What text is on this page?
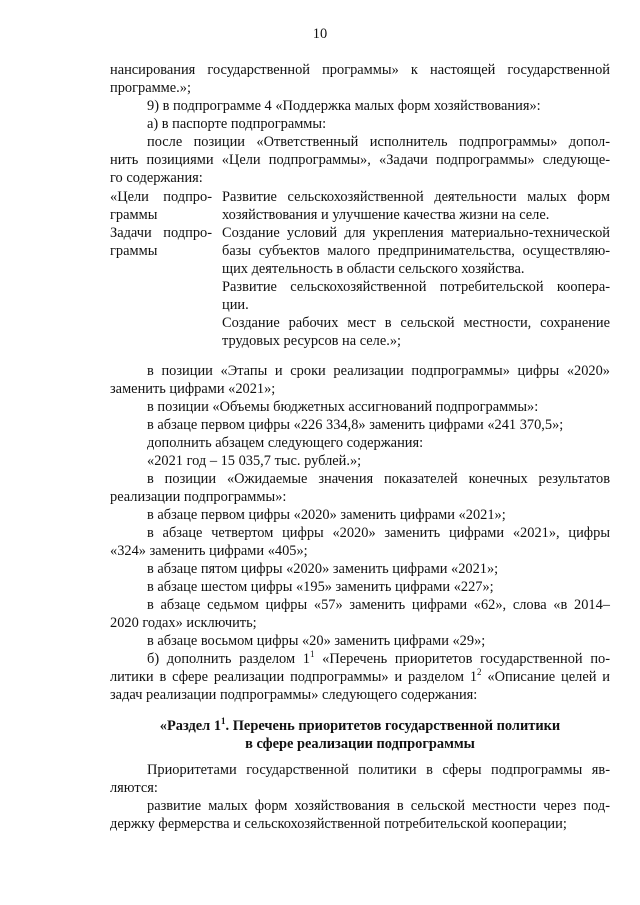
10
нансирования государственной программы» к настоящей государственной
программе.»;
9) в подпрограмме 4 «Поддержка малых форм хозяйствования»:
а) в паспорте подпрограммы:
после позиции «Ответственный исполнитель подпрограммы» допол-
нить позициями «Цели подпрограммы», «Задачи подпрограммы» следующе-
го содержания:
«Цели подпро-
граммы
Задачи подпро-
граммы
Развитие сельскохозяйственной деятельности малых форм
хозяйствования и улучшение качества жизни на селе.
Создание условий для укрепления материально-технической
базы субъектов малого предпринимательства, осуществляю-
щих деятельность в области сельского хозяйства.
Развитие сельскохозяйственной потребительской коопера-
ции.
Создание рабочих мест в сельской местности, сохранение
трудовых ресурсов на селе.»;
в позиции «Этапы и сроки реализации подпрограммы» цифры «2020»
заменить цифрами «2021»;
в позиции «Объемы бюджетных ассигнований подпрограммы»:
в абзаце первом цифры «226 334,8» заменить цифрами «241 370,5»;
дополнить абзацем следующего содержания:
«2021 год – 15 035,7 тыс. рублей.»;
в позиции «Ожидаемые значения показателей конечных результатов
реализации подпрограммы»:
в абзаце первом цифры «2020» заменить цифрами «2021»;
в абзаце четвертом цифры «2020» заменить цифрами «2021», цифры
«324» заменить цифрами «405»;
в абзаце пятом цифры «2020» заменить цифрами «2021»;
в абзаце шестом цифры «195» заменить цифрами «227»;
в абзаце седьмом цифры «57» заменить цифрами «62», слова «в 2014–
2020 годах» исключить;
в абзаце восьмом цифры «20» заменить цифрами «29»;
б) дополнить разделом $1^1$ «Перечень приоритетов государственной по-
литики в сфере реализации подпрограммы» и разделом $1^2$ «Описание целей и
задач реализации подпрограммы» следующего содержания:
«Раздел $1^1$. Перечень приоритетов государственной политики
в сфере реализации подпрограммы
Приоритетами государственной политики в сферы подпрограммы яв-
ляются:
развитие малых форм хозяйствования в сельской местности через под-
держку фермерства и сельскохозяйственной потребительской кооперации;
